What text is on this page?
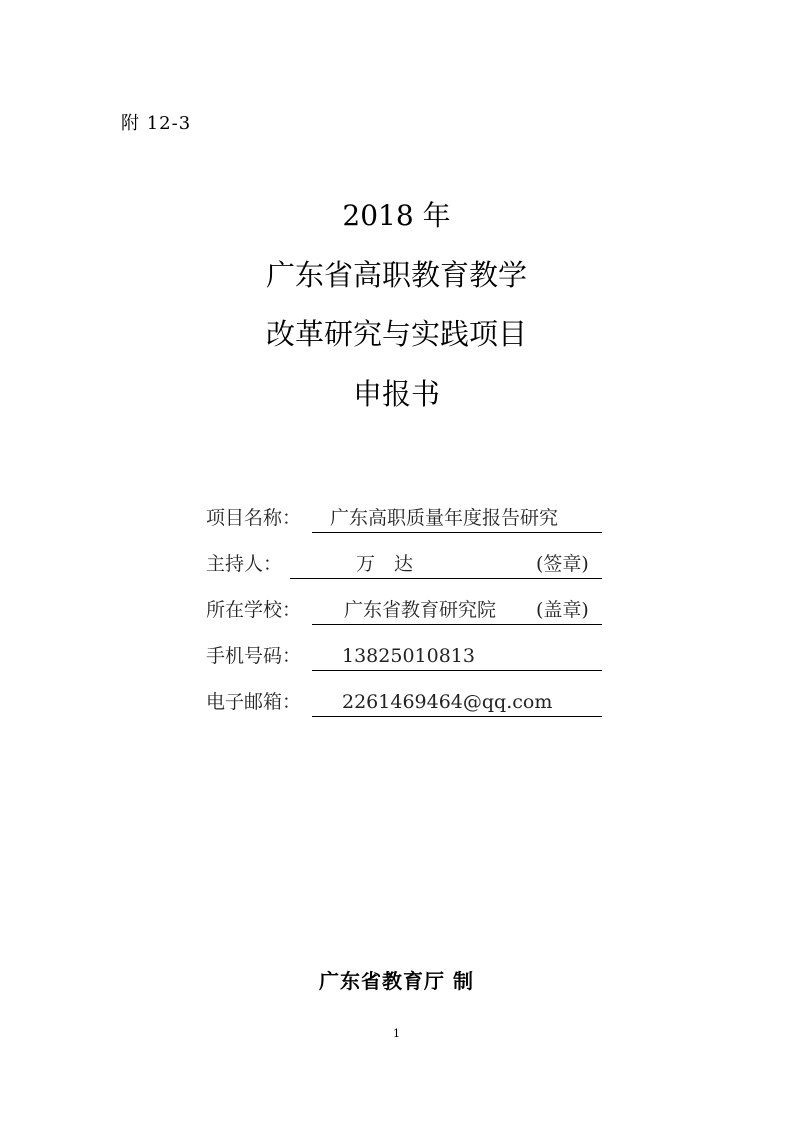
附 12-3
2018 年
广东省高职教育教学
改革研究与实践项目
申报书
项目名称： 广东高职质量年度报告研究
主持人：	万　达	(签章)
所在学校： 广东省教育研究院 (盖章)
手机号码： 13825010813
电子邮箱： 2261469464@qq.com
广东省教育厅 制
1
